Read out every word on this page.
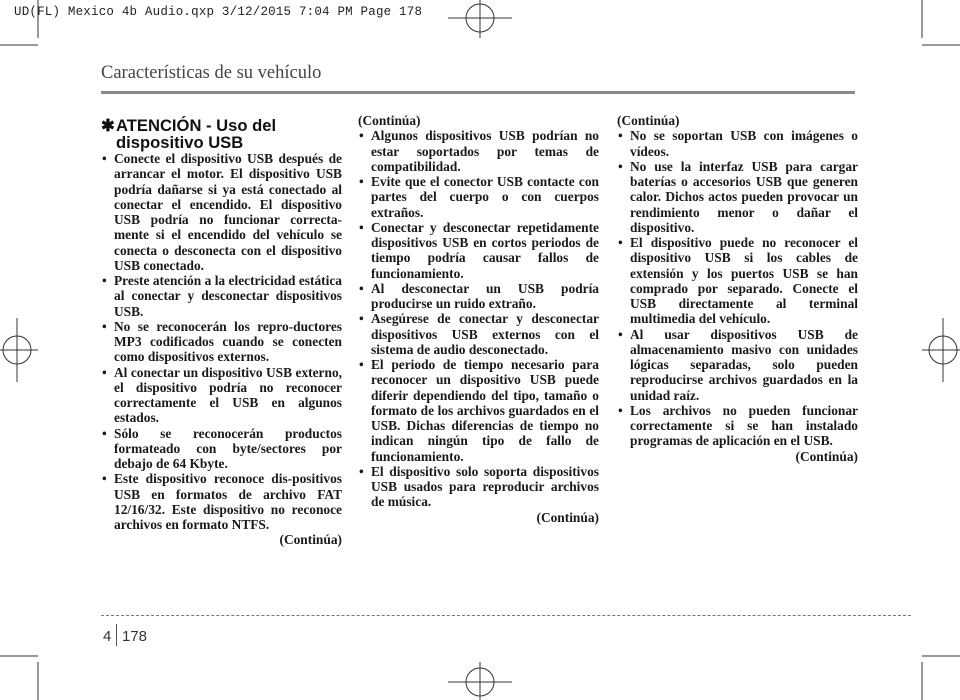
UD(FL) Mexico 4b Audio.qxp 3/12/2015 7:04 PM Page 178
Características de su vehículo
✱ATENCIÓN - Uso del
dispositivo USB
• Conecte el dispositivo USB después de arrancar el motor. El dispositivo USB podría dañarse si ya está conectado al conectar el encendido. El dispositivo USB podría no funcionar correcta-mente si el encendido del vehículo se conecta o desconecta con el dispositivo USB conectado.
• Preste atención a la electricidad estática al conectar y desconectar dispositivos USB.
• No se reconocerán los repro-ductores MP3 codificados cuando se conecten como dispositivos externos.
• Al conectar un dispositivo USB externo, el dispositivo podría no reconocer correctamente el USB en algunos estados.
• Sólo se reconocerán productos formateado con byte/sectores por debajo de 64 Kbyte.
• Este dispositivo reconoce dis-positivos USB en formatos de archivo FAT 12/16/32. Este dispositivo no reconoce archivos en formato NTFS.
(Continúa)
(Continúa)
• Algunos dispositivos USB podrían no estar soportados por temas de compatibilidad.
• Evite que el conector USB contacte con partes del cuerpo o con cuerpos extraños.
• Conectar y desconectar repetidamente dispositivos USB en cortos periodos de tiempo podría causar fallos de funcionamiento.
• Al desconectar un USB podría producirse un ruido extraño.
• Asegúrese de conectar y desconectar dispositivos USB externos con el sistema de audio desconectado.
• El periodo de tiempo necesario para reconocer un dispositivo USB puede diferir dependiendo del tipo, tamaño o formato de los archivos guardados en el USB. Dichas diferencias de tiempo no indican ningún tipo de fallo de funcionamiento.
• El dispositivo solo soporta dispositivos USB usados para reproducir archivos de música.
(Continúa)
(Continúa)
• No se soportan USB con imágenes o vídeos.
• No use la interfaz USB para cargar baterías o accesorios USB que generen calor. Dichos actos pueden provocar un rendimiento menor o dañar el dispositivo.
• El dispositivo puede no reconocer el dispositivo USB si los cables de extensión y los puertos USB se han comprado por separado. Conecte el USB directamente al terminal multimedia del vehículo.
• Al usar dispositivos USB de almacenamiento masivo con unidades lógicas separadas, solo pueden reproducirse archivos guardados en la unidad raíz.
• Los archivos no pueden funcionar correctamente si se han instalado programas de aplicación en el USB.
(Continúa)
4 178
